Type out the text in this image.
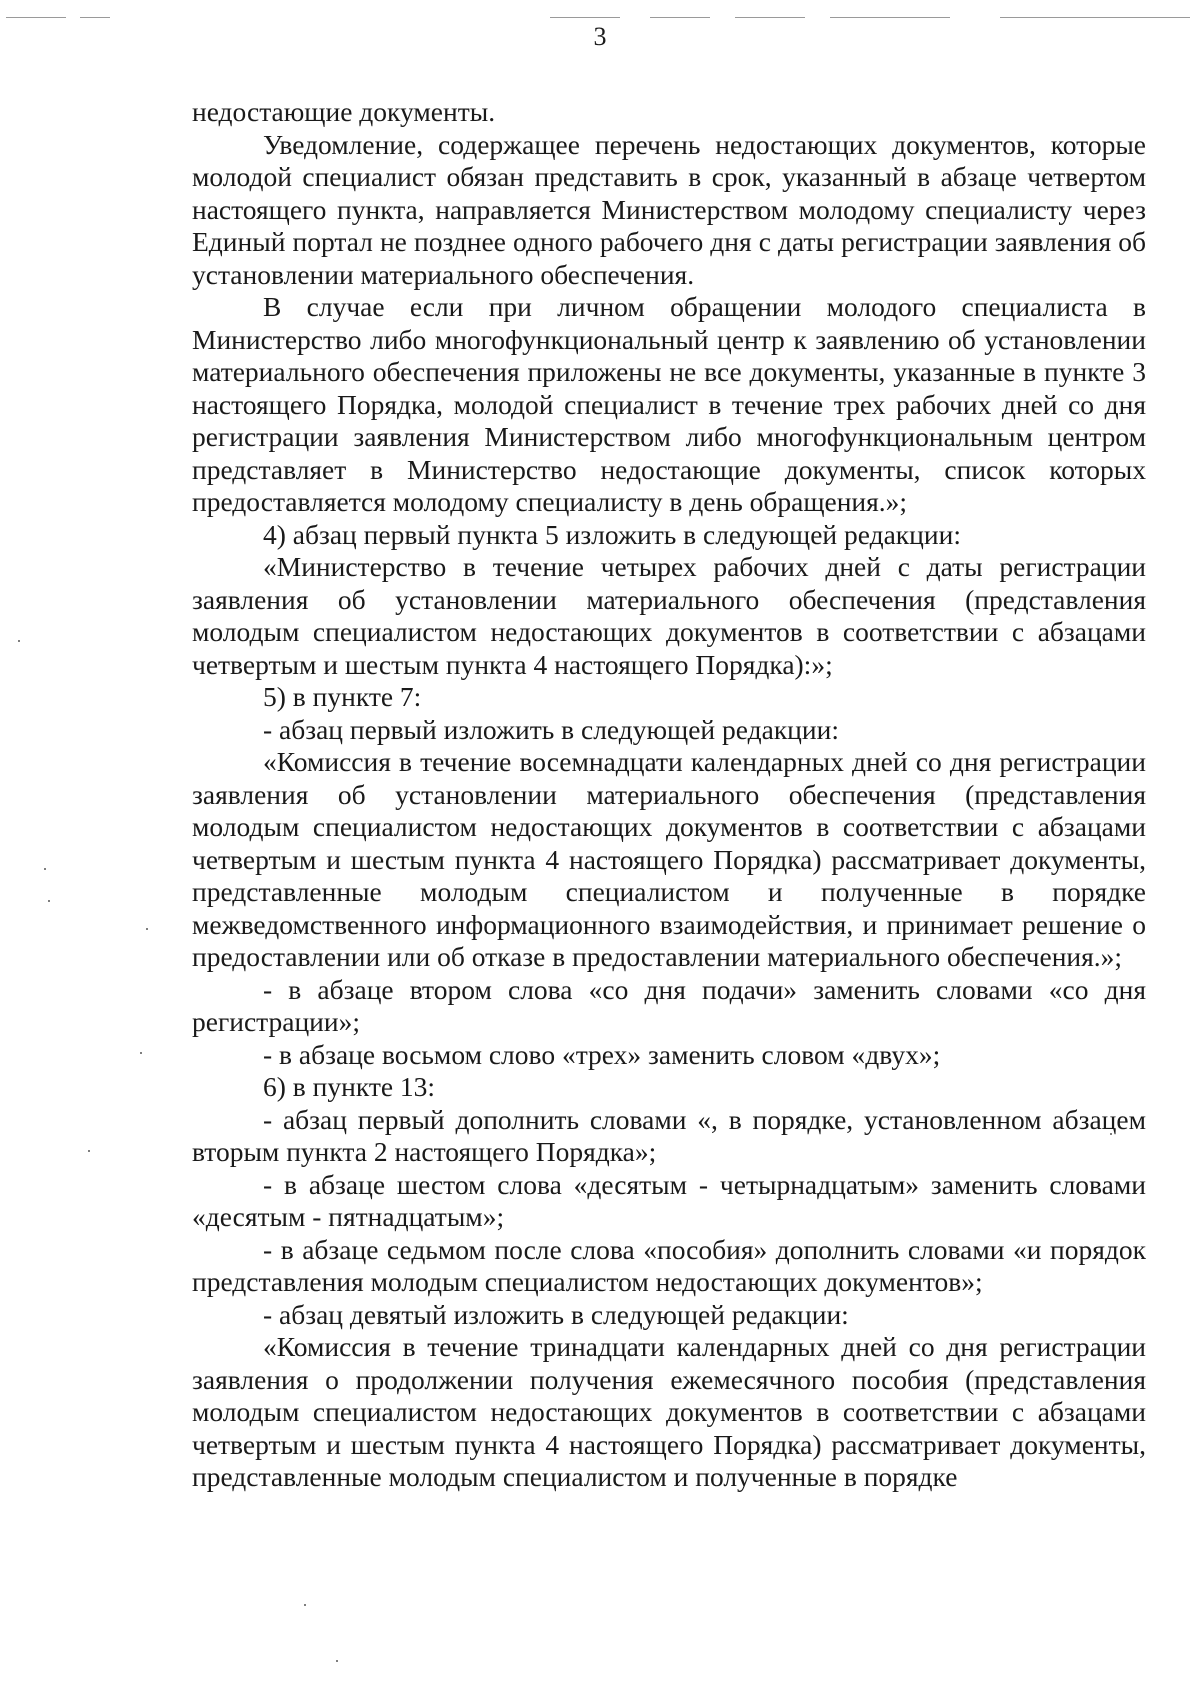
3

недостающие документы.

Уведомление, содержащее перечень недостающих документов, которые молодой специалист обязан представить в срок, указанный в абзаце четвертом настоящего пункта, направляется Министерством молодому специалисту через Единый портал не позднее одного рабочего дня с даты регистрации заявления об установлении материального обеспечения.

В случае если при личном обращении молодого специалиста в Министерство либо многофункциональный центр к заявлению об установлении материального обеспечения приложены не все документы, указанные в пункте 3 настоящего Порядка, молодой специалист в течение трех рабочих дней со дня регистрации заявления Министерством либо многофункциональным центром представляет в Министерство недостающие документы, список которых предоставляется молодому специалисту в день обращения.»;

4) абзац первый пункта 5 изложить в следующей редакции:

«Министерство в течение четырех рабочих дней с даты регистрации заявления об установлении материального обеспечения (представления молодым специалистом недостающих документов в соответствии с абзацами четвертым и шестым пункта 4 настоящего Порядка):»;

5) в пункте 7:

- абзац первый изложить в следующей редакции:

«Комиссия в течение восемнадцати календарных дней со дня регистрации заявления об установлении материального обеспечения (представления молодым специалистом недостающих документов в соответствии с абзацами четвертым и шестым пункта 4 настоящего Порядка) рассматривает документы, представленные молодым специалистом и полученные в порядке межведомственного информационного взаимодействия, и принимает решение о предоставлении или об отказе в предоставлении материального обеспечения.»;

- в абзаце втором слова «со дня подачи» заменить словами «со дня регистрации»;

- в абзаце восьмом слово «трех» заменить словом «двух»;

6) в пункте 13:

- абзац первый дополнить словами «, в порядке, установленном абзацем вторым пункта 2 настоящего Порядка»;

- в абзаце шестом слова «десятым - четырнадцатым» заменить словами «десятым - пятнадцатым»;

- в абзаце седьмом после слова «пособия» дополнить словами «и порядок представления молодым специалистом недостающих документов»;

- абзац девятый изложить в следующей редакции:

«Комиссия в течение тринадцати календарных дней со дня регистрации заявления о продолжении получения ежемесячного пособия (представления молодым специалистом недостающих документов в соответствии с абзацами четвертым и шестым пункта 4 настоящего Порядка) рассматривает документы, представленные молодым специалистом и полученные в порядке
